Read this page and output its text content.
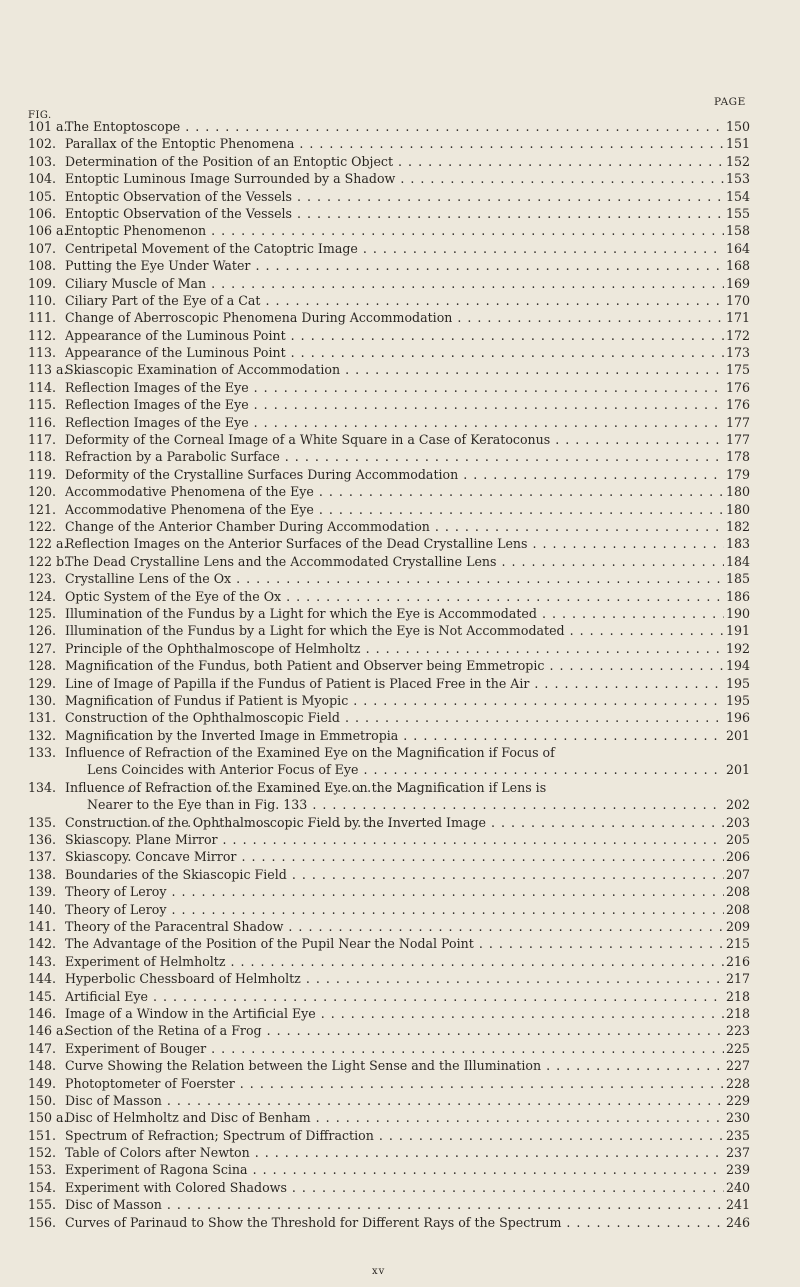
PAGE
FIG.
101 a.
The Entoptoscope . . .	150
102. Parallax of the Entoptic Phenomena . . .	151
103. Determination of the Position of an Entoptic Object . . .	152
104. Entoptic Luminous Image Surrounded by a Shadow . . .	153
105. Entoptic Observation of the Vessels . . .	154
106. Entoptic Observation of the Vessels . . .	155
106 a.
Entoptic Phenomenon . . .	158
107. Centripetal Movement of the Catoptric Image . . .	164
108. Putting the Eye Under Water . . .	168
109. Ciliary Muscle of Man . . .	169
110. Ciliary Part of the Eye of a Cat . . .	170
111. Change of Aberroscopic Phenomena During Accommodation . . .	171
112. Appearance of the Luminous Point . . .	172
113. Appearance of the Luminous Point . . .	173
113 a.
Skiascopic Examination of Accommodation . . .	175
114. Reflection Images of the Eye . . .	176
115. Reflection Images of the Eye . . .	176
116. Reflection Images of the Eye . . .	177
117. Deformity of the Corneal Image of a White Square in a Case of Keratoconus . . .	177
118. Refraction by a Parabolic Surface . . .	178
119. Deformity of the Crystalline Surfaces During Accommodation . . .	179
120. Accommodative Phenomena of the Eye . . .	180
121. Accommodative Phenomena of the Eye . . .	180
122. Change of the Anterior Chamber During Accommodation . . .	182
122 a.
Reflection Images on the Anterior Surfaces of the Dead Crystalline Lens . . .	183
122 b.
The Dead Crystalline Lens and the Accommodated Crystalline Lens . . .	184
123. Crystalline Lens of the Ox . . .	185
124. Optic System of the Eye of the Ox . . .	186
125. Illumination of the Fundus by a Light for which the Eye is Accommodated . . .	190
126. Illumination of the Fundus by a Light for which the Eye is Not Accommodated . . .	191
127. Principle of the Ophthalmoscope of Helmholtz . . .	192
128. Magnification of the Fundus, both Patient and Observer being Emmetropic . . .	194
129. Line of Image of Papilla if the Fundus of Patient is Placed Free in the Air . . .	195
130. Magnification of Fundus if Patient is Myopic . . .	195
131. Construction of the Ophthalmoscopic Field . . .	196
132. Magnification by the Inverted Image in Emmetropia . . .	201
133. Influence of Refraction of the Examined Eye on the Magnification if Focus of
Lens Coincides with Anterior Focus of Eye . . .	201
134. Influence of Refraction of the Examined Eye on the Magnification if Lens is
Nearer to the Eye than in Fig. 133 . . .	202
135. Construction of the Ophthalmoscopic Field by the Inverted Image . . .	203
136. Skiascopy. Plane Mirror . . .	205
137. Skiascopy. Concave Mirror . . .	206
138. Boundaries of the Skiascopic Field . . .	207
139. Theory of Leroy . . .	208
140. Theory of Leroy . . .	208
141. Theory of the Paracentral Shadow . . .	209
142. The Advantage of the Position of the Pupil Near the Nodal Point . . .	215
143. Experiment of Helmholtz . . .	216
144. Hyperbolic Chessboard of Helmholtz . . .	217
145. Artificial Eye . . .	218
146. Image of a Window in the Artificial Eye . . .	218
146 a.
Section of the Retina of a Frog . . .	223
147. Experiment of Bouger . . .	225
148. Curve Showing the Relation between the Light Sense and the Illumination . . .	227
149. Photoptometer of Foerster . . .	228
150. Disc of Masson . . .	229
150 a.
Disc of Helmholtz and Disc of Benham . . .	230
151. Spectrum of Refraction; Spectrum of Diffraction . . .	235
152. Table of Colors after Newton . . .	237
153. Experiment of Ragona Scina . . .	239
154. Experiment with Colored Shadows . . .	240
155. Disc of Masson . . .	241
156. Curves of Parinaud to Show the Threshold for Different Rays of the Spectrum . . .	246
xv
